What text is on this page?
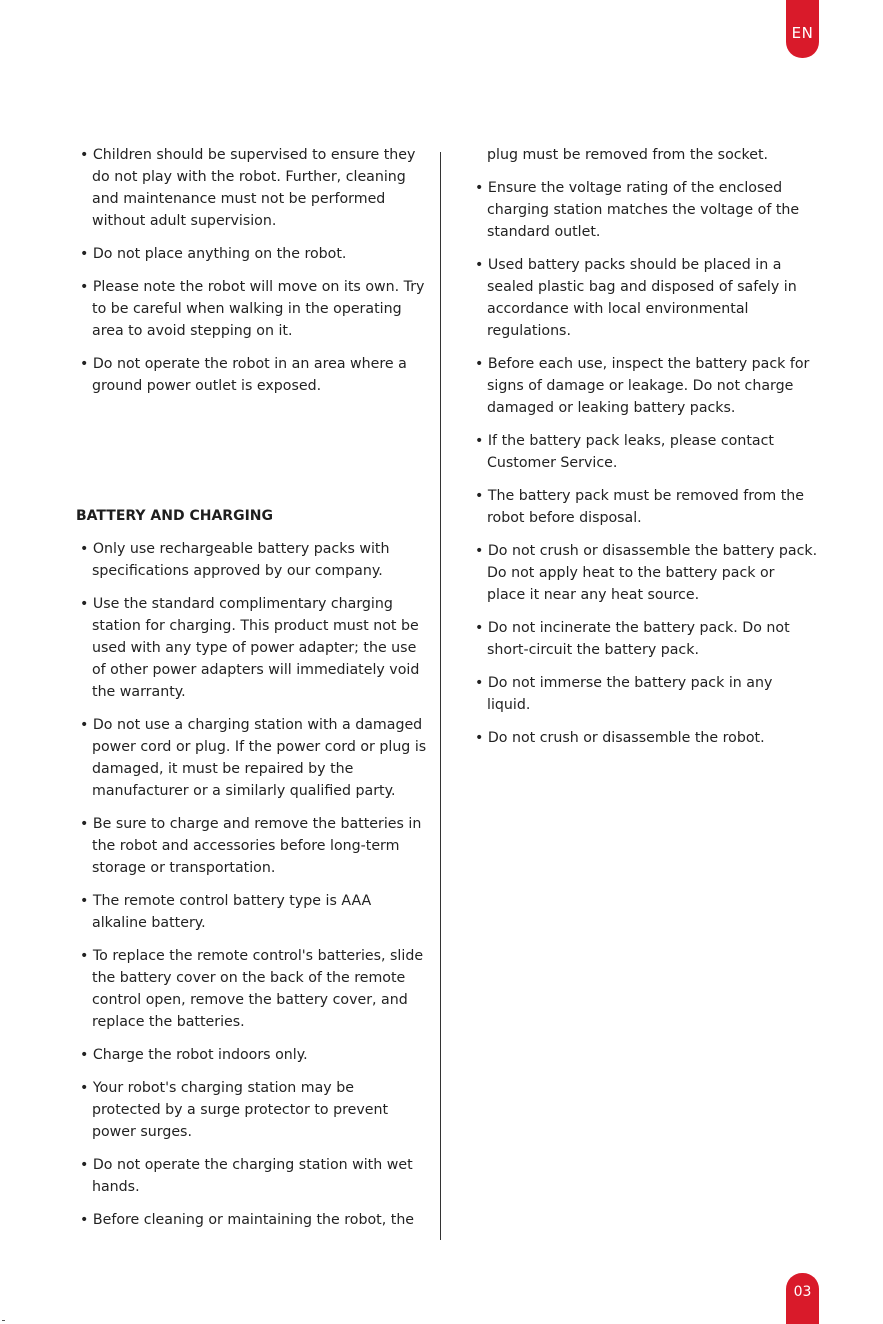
EN

• Children should be supervised to ensure they
do not play with the robot. Further, cleaning
and maintenance must not be performed
without adult supervision.

• Do not place anything on the robot.

• Please note the robot will move on its own. Try
to be careful when walking in the operating
area to avoid stepping on it.

• Do not operate the robot in an area where a
ground power outlet is exposed.

BATTERY AND CHARGING

• Only use rechargeable battery packs with
specifications approved by our company.

• Use the standard complimentary charging
station for charging. This product must not be
used with any type of power adapter; the use
of other power adapters will immediately void
the warranty.

• Do not use a charging station with a damaged
power cord or plug. If the power cord or plug is
damaged, it must be repaired by the
manufacturer or a similarly qualified party.

• Be sure to charge and remove the batteries in
the robot and accessories before long-term
storage or transportation.

• The remote control battery type is AAA
alkaline battery.

• To replace the remote control's batteries, slide
the battery cover on the back of the remote
control open, remove the battery cover, and
replace the batteries.

• Charge the robot indoors only.

• Your robot's charging station may be
protected by a surge protector to prevent
power surges.

• Do not operate the charging station with wet
hands.

• Before cleaning or maintaining the robot, the

plug must be removed from the socket.

• Ensure the voltage rating of the enclosed
charging station matches the voltage of the
standard outlet.

• Used battery packs should be placed in a
sealed plastic bag and disposed of safely in
accordance with local environmental
regulations.

• Before each use, inspect the battery pack for
signs of damage or leakage. Do not charge
damaged or leaking battery packs.

• If the battery pack leaks, please contact
Customer Service.

• The battery pack must be removed from the
robot before disposal.

• Do not crush or disassemble the battery pack.
Do not apply heat to the battery pack or
place it near any heat source.

• Do not incinerate the battery pack. Do not
short-circuit the battery pack.

• Do not immerse the battery pack in any liquid.

• Do not crush or disassemble the robot.

03
